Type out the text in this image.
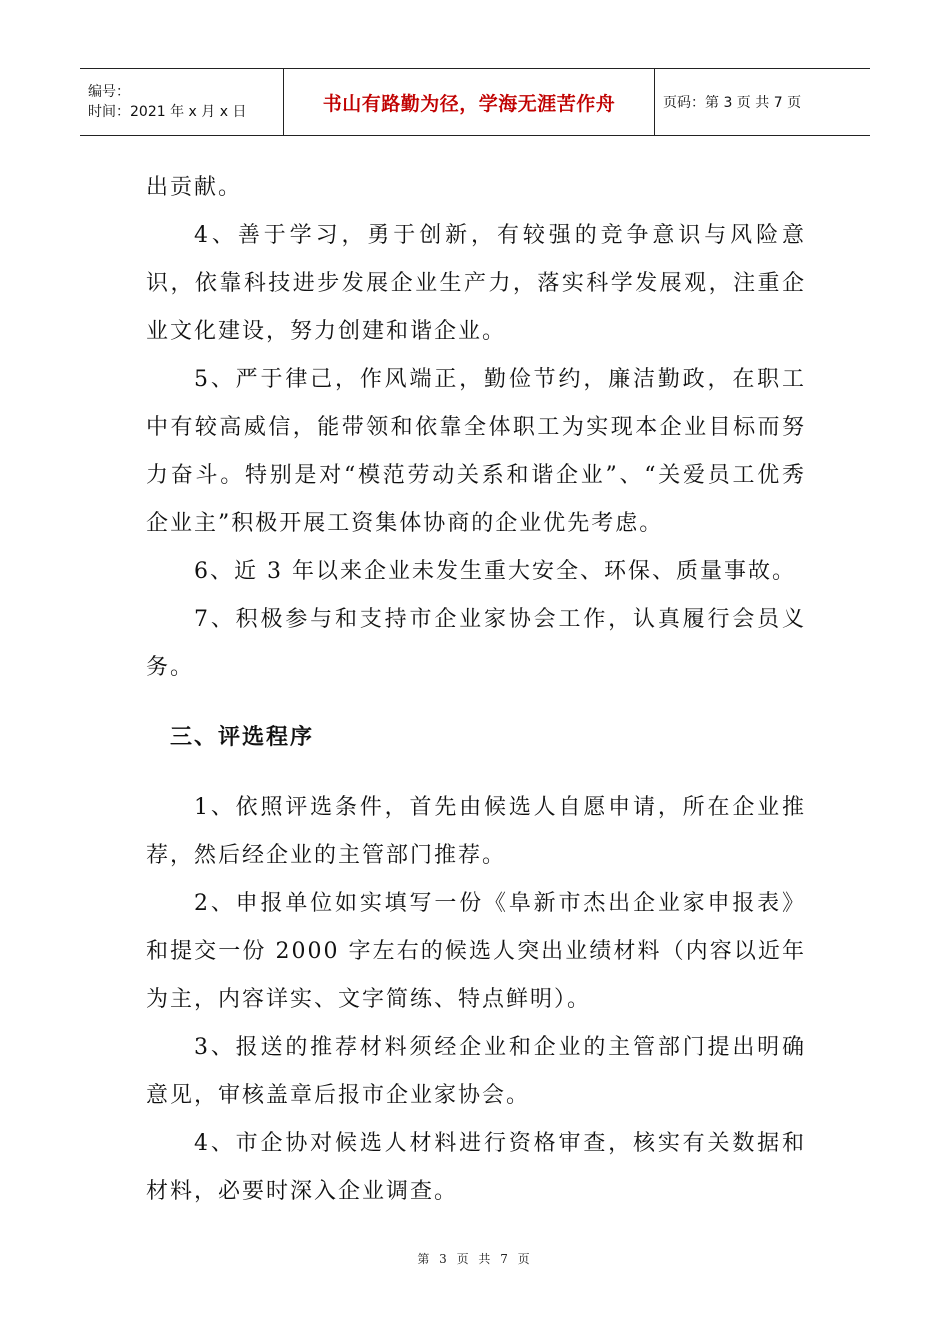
编号：
时间：2021 年 x 月 x 日	书山有路勤为径，学海无涯苦作舟	页码：第 3 页 共 7 页

出贡献。

4、善于学习，勇于创新，有较强的竞争意识与风险意识，依靠科技进步发展企业生产力，落实科学发展观，注重企业文化建设，努力创建和谐企业。

5、严于律己，作风端正，勤俭节约，廉洁勤政，在职工中有较高威信，能带领和依靠全体职工为实现本企业目标而努力奋斗。特别是对“模范劳动关系和谐企业”、“关爱员工优秀企业主”积极开展工资集体协商的企业优先考虑。

6、近 3 年以来企业未发生重大安全、环保、质量事故。

7、积极参与和支持市企业家协会工作，认真履行会员义务。

三、评选程序

1、依照评选条件，首先由候选人自愿申请，所在企业推荐，然后经企业的主管部门推荐。

2、申报单位如实填写一份《阜新市杰出企业家申报表》和提交一份 2000 字左右的候选人突出业绩材料（内容以近年为主，内容详实、文字简练、特点鲜明）。

3、报送的推荐材料须经企业和企业的主管部门提出明确意见，审核盖章后报市企业家协会。

4、市企协对候选人材料进行资格审查，核实有关数据和材料，必要时深入企业调查。

第 3 页 共 7 页
